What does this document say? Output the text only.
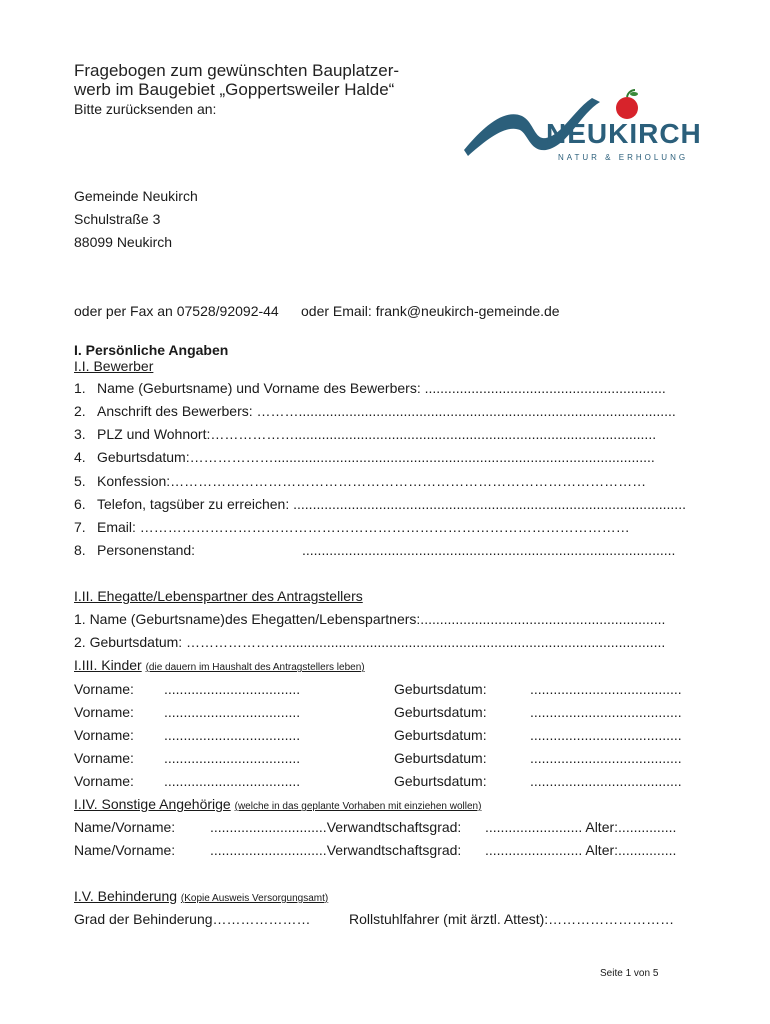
Fragebogen zum gewünschten Bauplatzer-
werb im Baugebiet „Goppertsweiler Halde“
Bitte zurücksenden an:
NEUKIRCH
NATUR & ERHOLUNG
Gemeinde Neukirch
Schulstraße 3
88099 Neukirch
oder per Fax an 07528/92092-44 oder Email: frank@neukirch-gemeinde.de
I. Persönliche Angaben
I.I. Bewerber
1. Name (Geburtsname) und Vorname des Bewerbers: ..............................................................
2. Anschrift des Bewerbers: ……….................................................................................................
3. PLZ und Wohnort:……………….............................................................................................
4. Geburtsdatum:………………..................................................................................................
5. Konfession:…………………………………………………………………………………………
6. Telefon, tagsüber zu erreichen: .....................................................................................................
7. Email: ……………………………………………………………………………………………
8. Personenstand:	................................................................................................
I.II. Ehegatte/Lebenspartner des Antragstellers
1. Name (Geburtsname)des Ehegatten/Lebenspartners:...............................................................
2. Geburtsdatum: …………………..................................................................................................
I.III. Kinder (die dauern im Haushalt des Antragstellers leben)
Vorname: ...................................	Geburtsdatum:	.......................................
Vorname: ...................................	Geburtsdatum:	.......................................
Vorname: ...................................	Geburtsdatum:	.......................................
Vorname: ...................................	Geburtsdatum:	.......................................
Vorname: ...................................	Geburtsdatum:	.......................................
I.IV. Sonstige Angehörige (welche in das geplante Vorhaben mit einziehen wollen)
Name/Vorname: ..............................Verwandtschaftsgrad: ......................... Alter:...............
Name/Vorname: ..............................Verwandtschaftsgrad: ......................... Alter:...............
I.V. Behinderung (Kopie Ausweis Versorgungsamt)
Grad der Behinderung…………………	Rollstuhlfahrer (mit ärztl. Attest):………………………
Seite 1 von 5
